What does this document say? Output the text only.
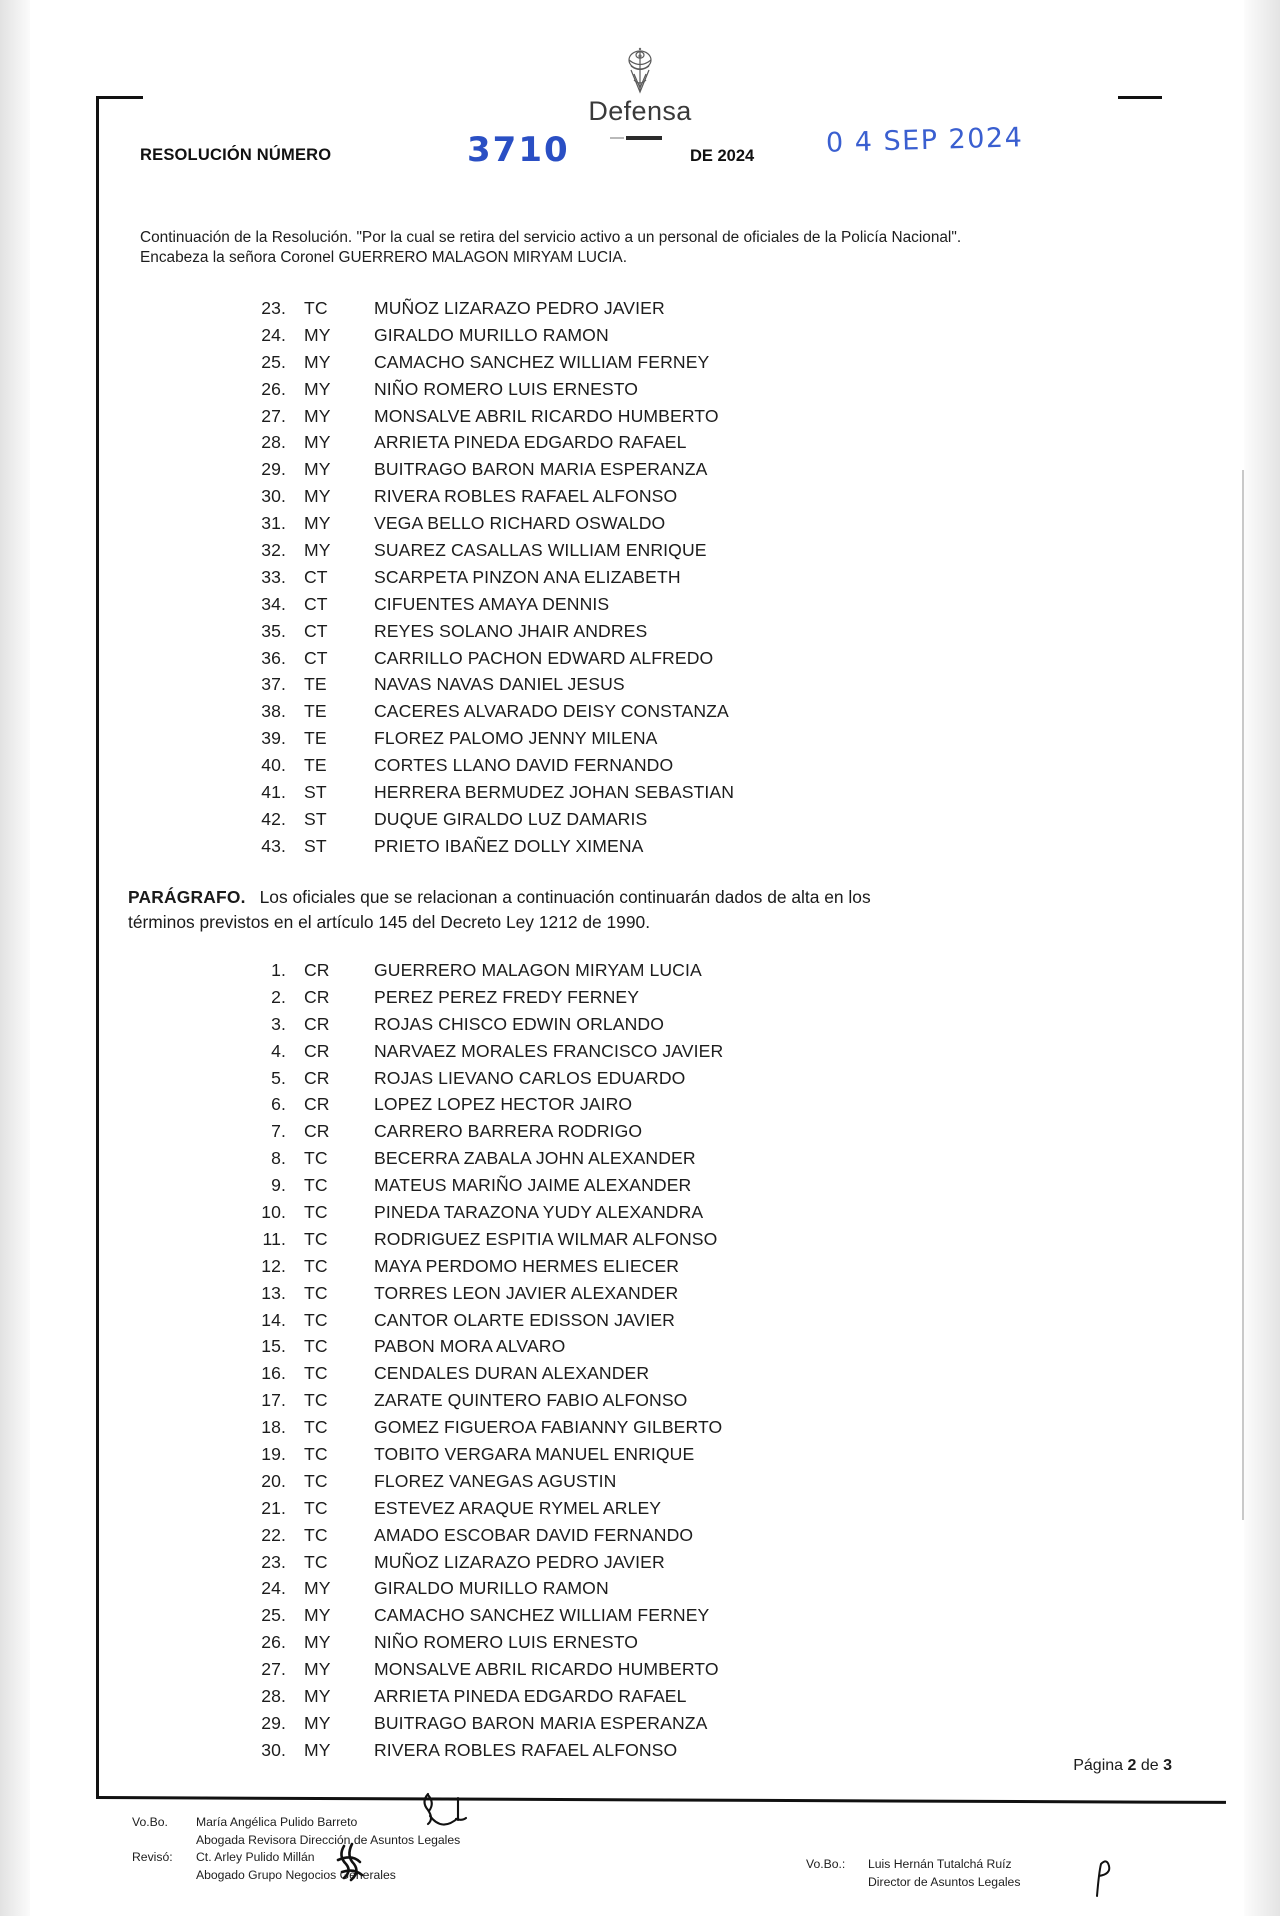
Defensa
RESOLUCIÓN NÚMERO	3710	DE 2024	0 4 SEP 2024
Continuación de la Resolución. "Por la cual se retira del servicio activo a un personal de oficiales de la Policía Nacional".
Encabeza la señora Coronel GUERRERO MALAGON MIRYAM LUCIA.
23.	TC	MUÑOZ LIZARAZO PEDRO JAVIER
24.	MY	GIRALDO MURILLO RAMON
25.	MY	CAMACHO SANCHEZ WILLIAM FERNEY
26.	MY	NIÑO ROMERO LUIS ERNESTO
27.	MY	MONSALVE ABRIL RICARDO HUMBERTO
28.	MY	ARRIETA PINEDA EDGARDO RAFAEL
29.	MY	BUITRAGO BARON MARIA ESPERANZA
30.	MY	RIVERA ROBLES RAFAEL ALFONSO
31.	MY	VEGA BELLO RICHARD OSWALDO
32.	MY	SUAREZ CASALLAS WILLIAM ENRIQUE
33.	CT	SCARPETA PINZON ANA ELIZABETH
34.	CT	CIFUENTES AMAYA DENNIS
35.	CT	REYES SOLANO JHAIR ANDRES
36.	CT	CARRILLO PACHON EDWARD ALFREDO
37.	TE	NAVAS NAVAS DANIEL JESUS
38.	TE	CACERES ALVARADO DEISY CONSTANZA
39.	TE	FLOREZ PALOMO JENNY MILENA
40.	TE	CORTES LLANO DAVID FERNANDO
41.	ST	HERRERA BERMUDEZ JOHAN SEBASTIAN
42.	ST	DUQUE GIRALDO LUZ DAMARIS
43.	ST	PRIETO IBAÑEZ DOLLY XIMENA
PARÁGRAFO. Los oficiales que se relacionan a continuación continuarán dados de alta en los
términos previstos en el artículo 145 del Decreto Ley 1212 de 1990.
1.	CR	GUERRERO MALAGON MIRYAM LUCIA
2.	CR	PEREZ PEREZ FREDY FERNEY
3.	CR	ROJAS CHISCO EDWIN ORLANDO
4.	CR	NARVAEZ MORALES FRANCISCO JAVIER
5.	CR	ROJAS LIEVANO CARLOS EDUARDO
6.	CR	LOPEZ LOPEZ HECTOR JAIRO
7.	CR	CARRERO BARRERA RODRIGO
8.	TC	BECERRA ZABALA JOHN ALEXANDER
9.	TC	MATEUS MARIÑO JAIME ALEXANDER
10.	TC	PINEDA TARAZONA YUDY ALEXANDRA
11.	TC	RODRIGUEZ ESPITIA WILMAR ALFONSO
12.	TC	MAYA PERDOMO HERMES ELIECER
13.	TC	TORRES LEON JAVIER ALEXANDER
14.	TC	CANTOR OLARTE EDISSON JAVIER
15.	TC	PABON MORA ALVARO
16.	TC	CENDALES DURAN ALEXANDER
17.	TC	ZARATE QUINTERO FABIO ALFONSO
18.	TC	GOMEZ FIGUEROA FABIANNY GILBERTO
19.	TC	TOBITO VERGARA MANUEL ENRIQUE
20.	TC	FLOREZ VANEGAS AGUSTIN
21.	TC	ESTEVEZ ARAQUE RYMEL ARLEY
22.	TC	AMADO ESCOBAR DAVID FERNANDO
23.	TC	MUÑOZ LIZARAZO PEDRO JAVIER
24.	MY	GIRALDO MURILLO RAMON
25.	MY	CAMACHO SANCHEZ WILLIAM FERNEY
26.	MY	NIÑO ROMERO LUIS ERNESTO
27.	MY	MONSALVE ABRIL RICARDO HUMBERTO
28.	MY	ARRIETA PINEDA EDGARDO RAFAEL
29.	MY	BUITRAGO BARON MARIA ESPERANZA
30.	MY	RIVERA ROBLES RAFAEL ALFONSO
Página 2 de 3
Vo.Bo.	María Angélica Pulido Barreto
Abogada Revisora Dirección de Asuntos Legales
Revisó:	Ct. Arley Pulido Millán
Abogado Grupo Negocios Generales
Vo.Bo.:	Luis Hernán Tutalchá Ruíz
Director de Asuntos Legales
